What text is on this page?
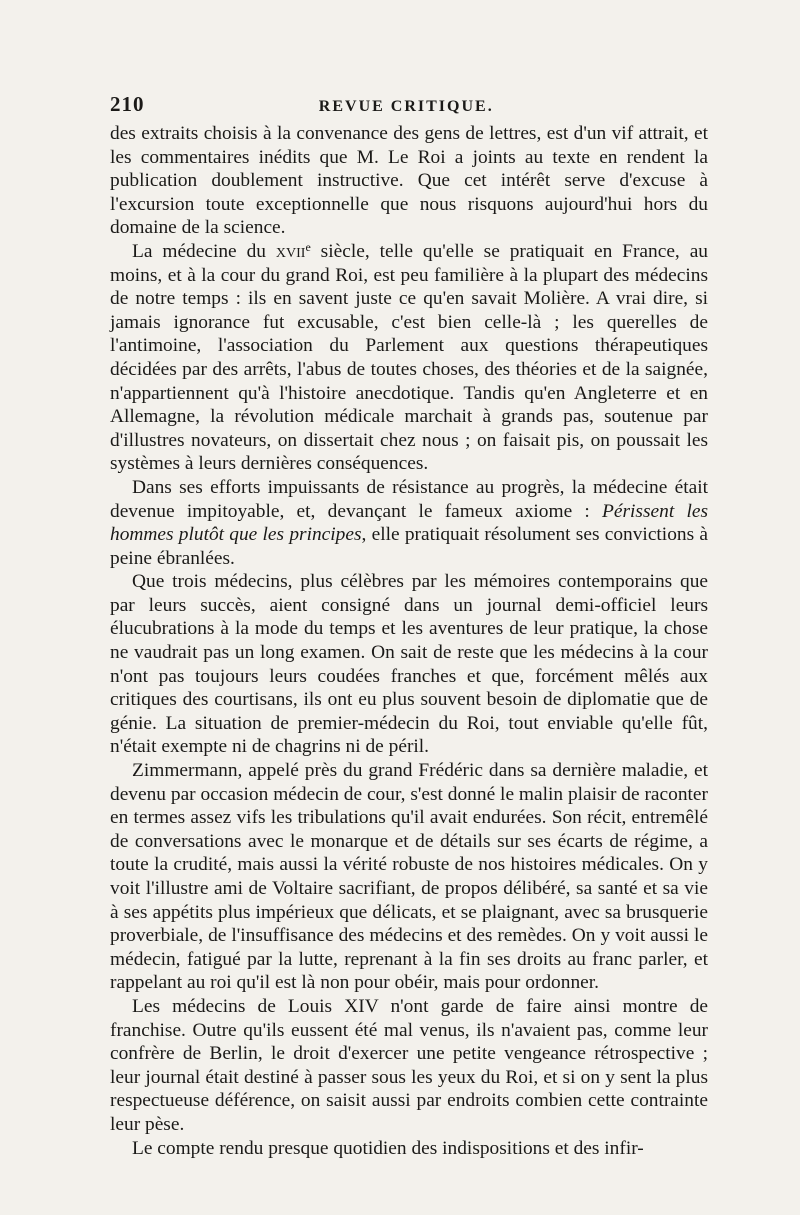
210	REVUE CRITIQUE.

des extraits choisis à la convenance des gens de lettres, est d'un vif attrait, et les commentaires inédits que M. Le Roi a joints au texte en rendent la publication doublement instructive. Que cet intérêt serve d'excuse à l'excursion toute exceptionnelle que nous risquons aujourd'hui hors du domaine de la science.

La médecine du xvii$^e$ siècle, telle qu'elle se pratiquait en France, au moins, et à la cour du grand Roi, est peu familière à la plupart des médecins de notre temps : ils en savent juste ce qu'en savait Molière. A vrai dire, si jamais ignorance fut excusable, c'est bien celle-là ; les querelles de l'antimoine, l'association du Parlement aux questions thérapeutiques décidées par des arrêts, l'abus de toutes choses, des théories et de la saignée, n'appartiennent qu'à l'histoire anecdotique. Tandis qu'en Angleterre et en Allemagne, la révolution médicale marchait à grands pas, soutenue par d'illustres novateurs, on dissertait chez nous ; on faisait pis, on poussait les systèmes à leurs dernières conséquences.

Dans ses efforts impuissants de résistance au progrès, la médecine était devenue impitoyable, et, devançant le fameux axiome : Périssent les hommes plutôt que les principes, elle pratiquait résolument ses convictions à peine ébranlées.

Que trois médecins, plus célèbres par les mémoires contemporains que par leurs succès, aient consigné dans un journal demi-officiel leurs élucubrations à la mode du temps et les aventures de leur pratique, la chose ne vaudrait pas un long examen. On sait de reste que les médecins à la cour n'ont pas toujours leurs coudées franches et que, forcément mêlés aux critiques des courtisans, ils ont eu plus souvent besoin de diplomatie que de génie. La situation de premier-médecin du Roi, tout enviable qu'elle fût, n'était exempte ni de chagrins ni de péril.

Zimmermann, appelé près du grand Frédéric dans sa dernière maladie, et devenu par occasion médecin de cour, s'est donné le malin plaisir de raconter en termes assez vifs les tribulations qu'il avait endurées. Son récit, entremêlé de conversations avec le monarque et de détails sur ses écarts de régime, a toute la crudité, mais aussi la vérité robuste de nos histoires médicales. On y voit l'illustre ami de Voltaire sacrifiant, de propos délibéré, sa santé et sa vie à ses appétits plus impérieux que délicats, et se plaignant, avec sa brusquerie proverbiale, de l'insuffisance des médecins et des remèdes. On y voit aussi le médecin, fatigué par la lutte, reprenant à la fin ses droits au franc parler, et rappelant au roi qu'il est là non pour obéir, mais pour ordonner.

Les médecins de Louis XIV n'ont garde de faire ainsi montre de franchise. Outre qu'ils eussent été mal venus, ils n'avaient pas, comme leur confrère de Berlin, le droit d'exercer une petite vengeance rétrospective ; leur journal était destiné à passer sous les yeux du Roi, et si on y sent la plus respectueuse déférence, on saisit aussi par endroits combien cette contrainte leur pèse.

Le compte rendu presque quotidien des indispositions et des infir-
